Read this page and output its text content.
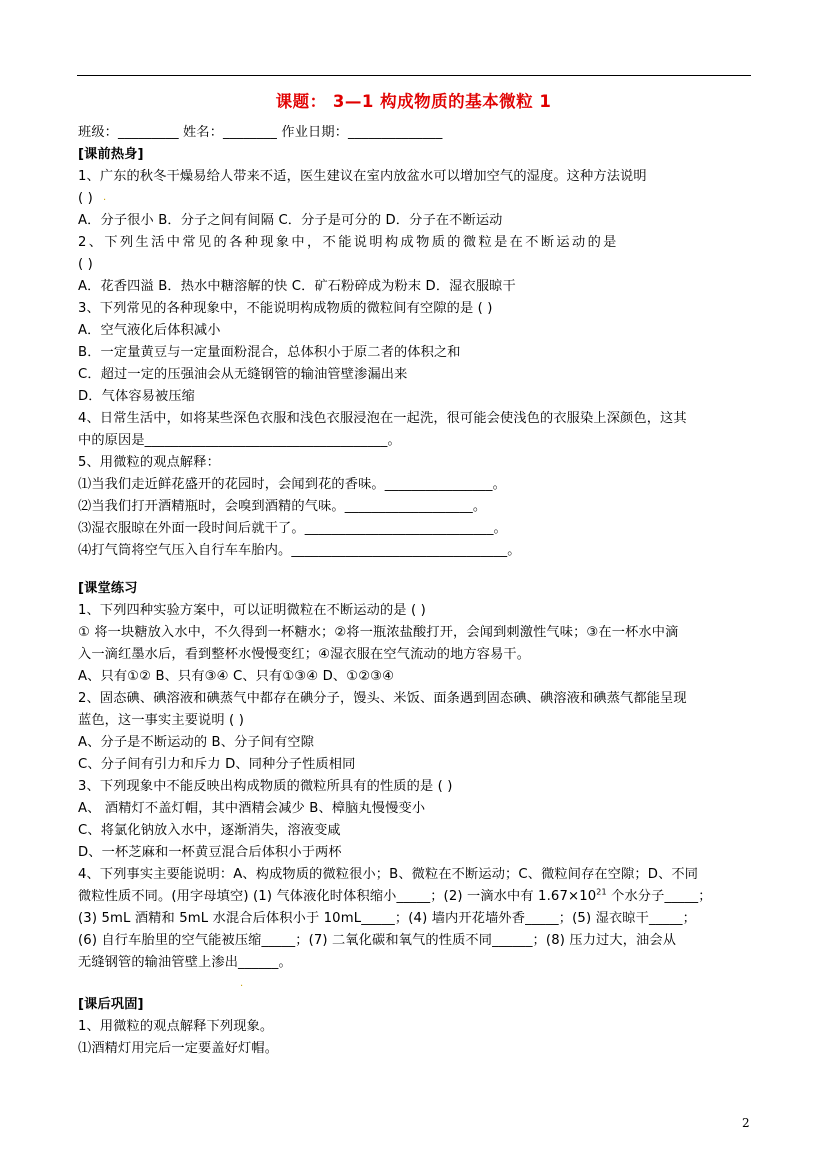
课题： 3—1 构成物质的基本微粒 1
班级：_________ 姓名：________ 作业日期：______________
[课前热身]
1、广东的秋冬干燥易给人带来不适，医生建议在室内放盆水可以增加空气的湿度。这种方法说明
( ) .
A．分子很小 B．分子之间有间隔 C．分子是可分的 D．分子在不断运动
2、下列生活中常见的各种现象中，不能说明构成物质的微粒是在不断运动的是
( )
A．花香四溢 B．热水中糖溶解的快 C．矿石粉碎成为粉末 D．湿衣服晾干
3、下列常见的各种现象中，不能说明构成物质的微粒间有空隙的是 ( )
A．空气液化后体积减小
B．一定量黄豆与一定量面粉混合，总体积小于原二者的体积之和
C．超过一定的压强油会从无缝钢管的输油管壁渗漏出来
D．气体容易被压缩
4、日常生活中，如将某些深色衣服和浅色衣服浸泡在一起洗，很可能会使浅色的衣服染上深颜色，这其
中的原因是____________________________________。
5、用微粒的观点解释：
⑴当我们走近鲜花盛开的花园时，会闻到花的香味。________________。
⑵当我们打开酒精瓶时，会嗅到酒精的气味。___________________。
⑶湿衣服晾在外面一段时间后就干了。____________________________。
⑷打气筒将空气压入自行车车胎内。________________________________。
[课堂练习
1、下列四种实验方案中，可以证明微粒在不断运动的是 ( )
① 将一块糖放入水中，不久得到一杯糖水；②将一瓶浓盐酸打开，会闻到刺激性气味；③在一杯水中滴
入一滴红墨水后，看到整杯水慢慢变红；④湿衣服在空气流动的地方容易干。
A、只有①② B、只有③④ C、只有①③④ D、①②③④
2、固态碘、碘溶液和碘蒸气中都存在碘分子，馒头、米饭、面条遇到固态碘、碘溶液和碘蒸气都能呈现
蓝色，这一事实主要说明 ( )
A、分子是不断运动的 B、分子间有空隙
C、分子间有引力和斥力 D、同种分子性质相同
3、下列现象中不能反映出构成物质的微粒所具有的性质的是 ( )
A、 酒精灯不盖灯帽，其中酒精会减少 B、樟脑丸慢慢变小
C、将氯化钠放入水中，逐渐消失，溶液变咸
D、一杯芝麻和一杯黄豆混合后体积小于两杯
4、下列事实主要能说明：A、构成物质的微粒很小；B、微粒在不断运动；C、微粒间存在空隙；D、不同
微粒性质不同。(用字母填空) (1) 气体液化时体积缩小_____；(2) 一滴水中有 $1.67\times 10^{21}$ 个水分子_____；
(3) 5mL 酒精和 5mL 水混合后体积小于 10mL_____；(4) 墙内开花墙外香_____；(5) 湿衣晾干_____；
(6) 自行车胎里的空气能被压缩_____；(7) 二氧化碳和氧气的性质不同______；(8) 压力过大，油会从
无缝钢管的输油管壁上渗出______。
.
[课后巩固]
1、用微粒的观点解释下列现象。
⑴酒精灯用完后一定要盖好灯帽。
2
